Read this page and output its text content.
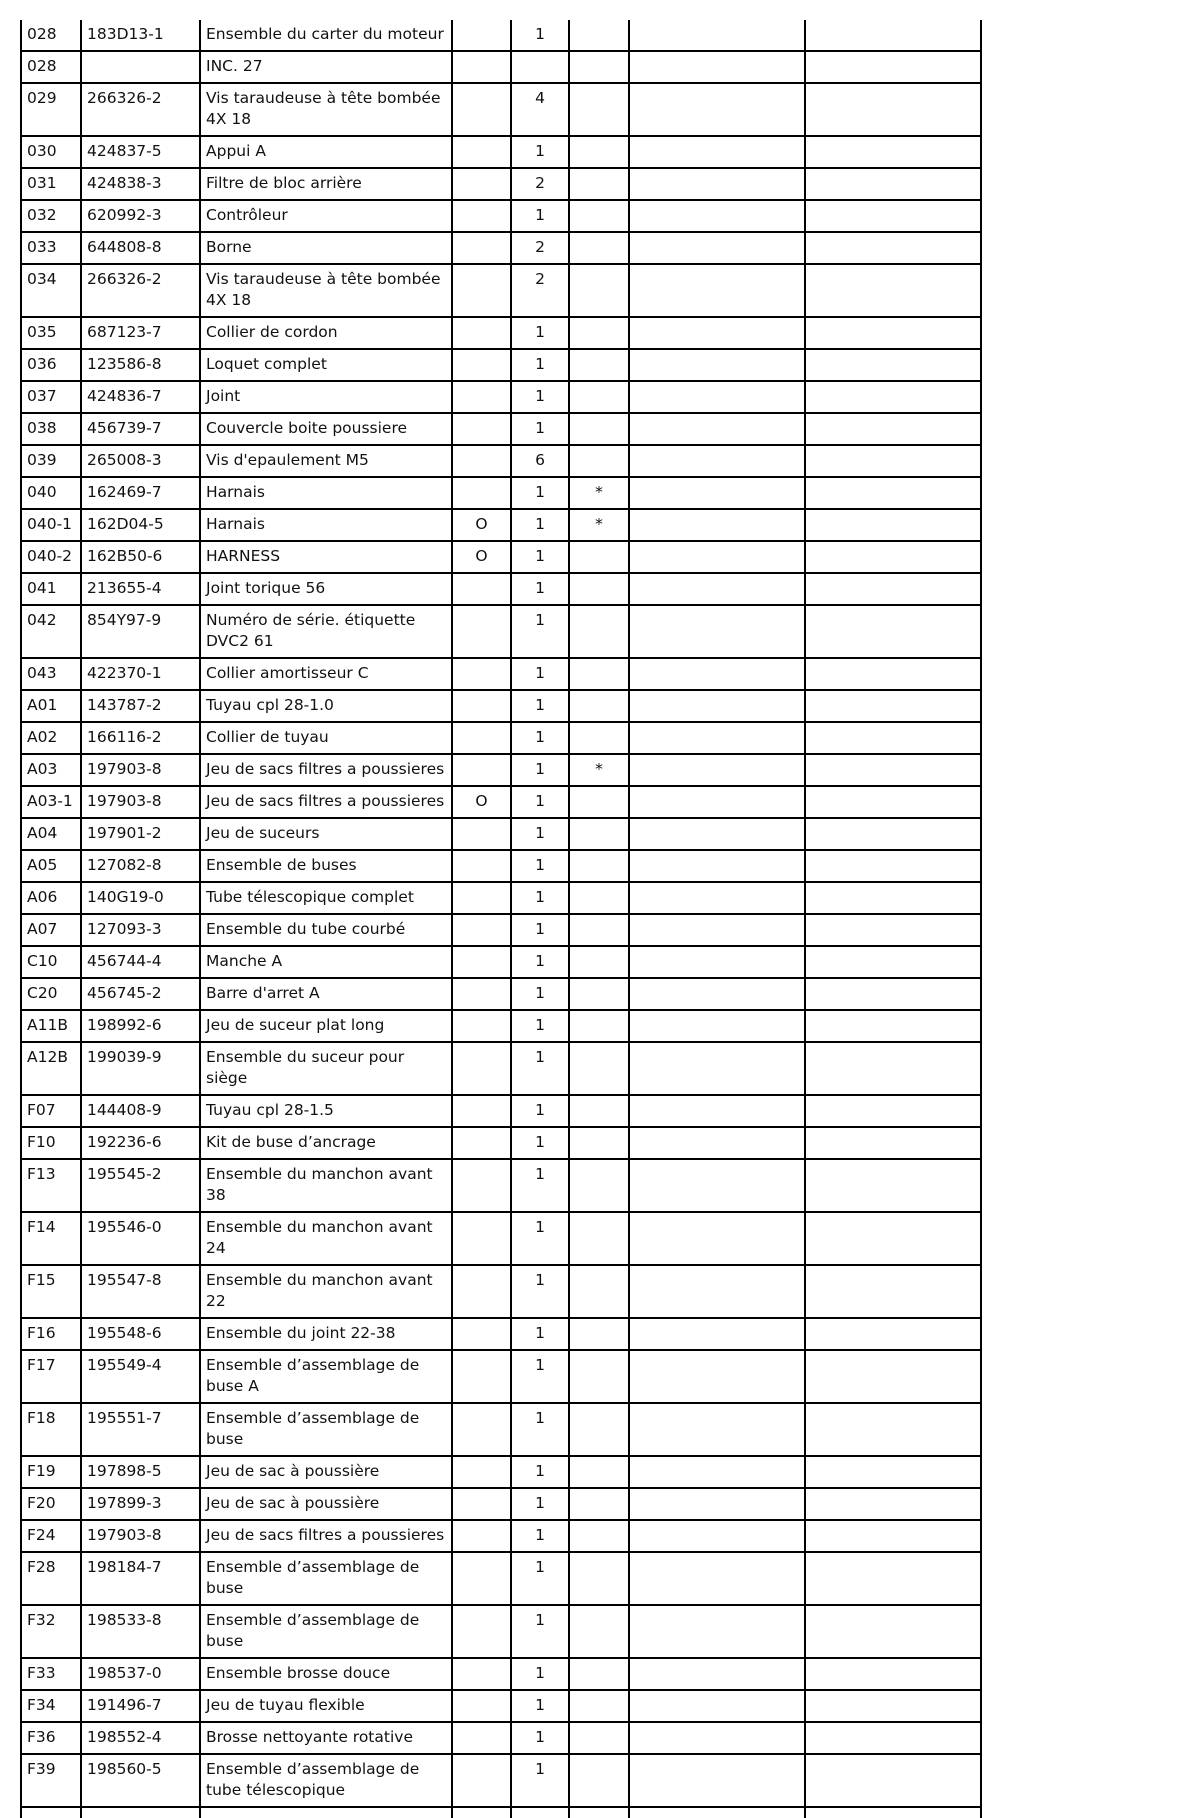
028	183D13-1	Ensemble du carter du moteur		1			
028		INC. 27					
029	266326-2	Vis taraudeuse à tête bombée 4X 18		4			
030	424837-5	Appui A		1			
031	424838-3	Filtre de bloc arrière		2			
032	620992-3	Contrôleur		1			
033	644808-8	Borne		2			
034	266326-2	Vis taraudeuse à tête bombée 4X 18		2			
035	687123-7	Collier de cordon		1			
036	123586-8	Loquet complet		1			
037	424836-7	Joint		1			
038	456739-7	Couvercle boite poussiere		1			
039	265008-3	Vis d'epaulement M5		6			
040	162469-7	Harnais		1	*		
040-1	162D04-5	Harnais	O	1	*		
040-2	162B50-6	HARNESS	O	1			
041	213655-4	Joint torique 56		1			
042	854Y97-9	Numéro de série. étiquette DVC2 61		1			
043	422370-1	Collier amortisseur C		1			
A01	143787-2	Tuyau cpl 28-1.0		1			
A02	166116-2	Collier de tuyau		1			
A03	197903-8	Jeu de sacs filtres a poussieres		1	*		
A03-1	197903-8	Jeu de sacs filtres a poussieres	O	1			
A04	197901-2	Jeu de suceurs		1			
A05	127082-8	Ensemble de buses		1			
A06	140G19-0	Tube télescopique complet		1			
A07	127093-3	Ensemble du tube courbé		1			
C10	456744-4	Manche A		1			
C20	456745-2	Barre d'arret A		1			
A11B	198992-6	Jeu de suceur plat long		1			
A12B	199039-9	Ensemble du suceur pour siège		1			
F07	144408-9	Tuyau cpl 28-1.5		1			
F10	192236-6	Kit de buse d’ancrage		1			
F13	195545-2	Ensemble du manchon avant 38		1			
F14	195546-0	Ensemble du manchon avant 24		1			
F15	195547-8	Ensemble du manchon avant 22		1			
F16	195548-6	Ensemble du joint 22-38		1			
F17	195549-4	Ensemble d’assemblage de buse A		1			
F18	195551-7	Ensemble d’assemblage de buse		1			
F19	197898-5	Jeu de sac à poussière		1			
F20	197899-3	Jeu de sac à poussière		1			
F24	197903-8	Jeu de sacs filtres a poussieres		1			
F28	198184-7	Ensemble d’assemblage de buse		1			
F32	198533-8	Ensemble d’assemblage de buse		1			
F33	198537-0	Ensemble brosse douce		1			
F34	191496-7	Jeu de tuyau flexible		1			
F36	198552-4	Brosse nettoyante rotative		1			
F39	198560-5	Ensemble d’assemblage de tube télescopique		1			
